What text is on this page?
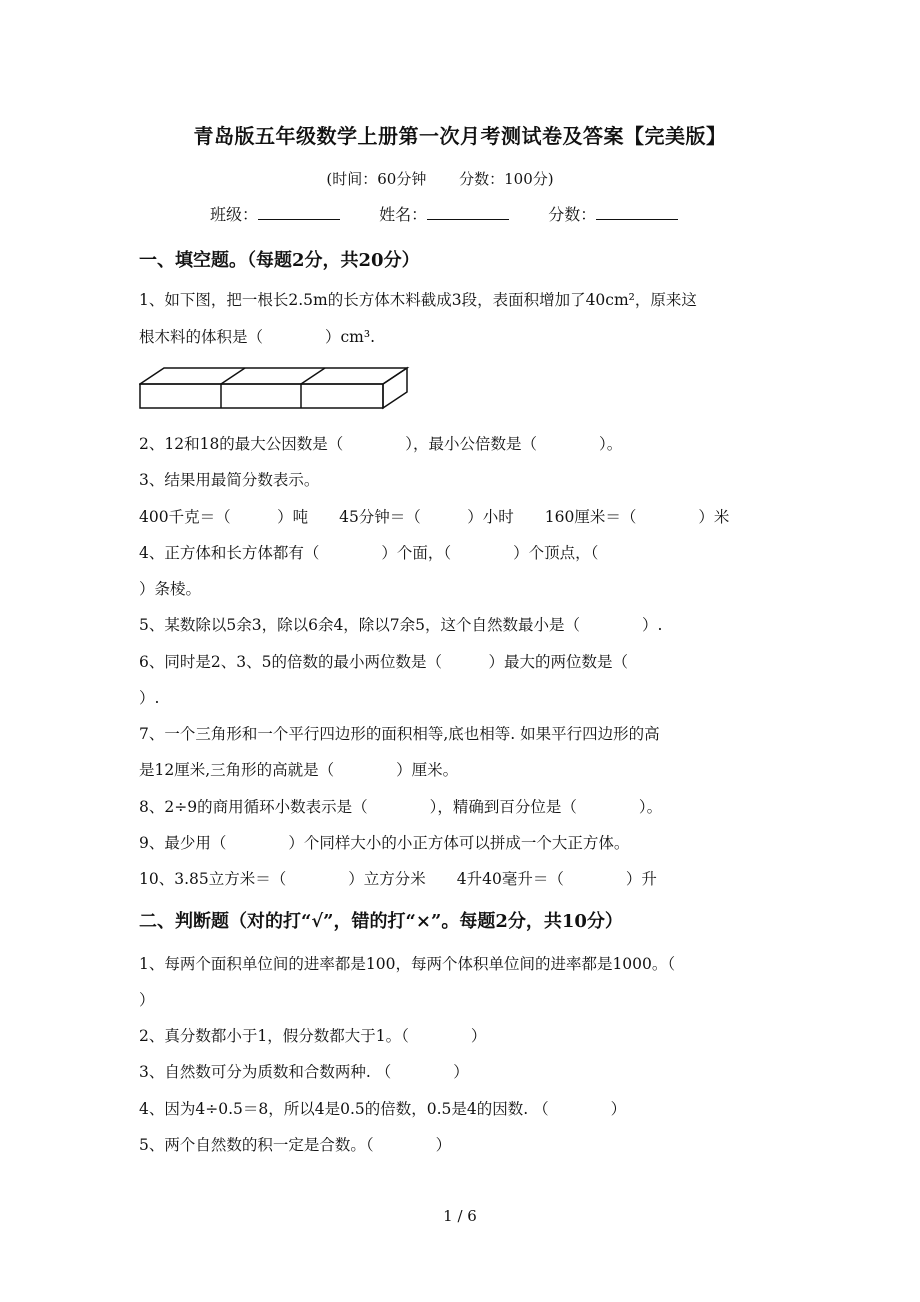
青岛版五年级数学上册第一次月考测试卷及答案【完美版】
(时间：60分钟 分数：100分)
班级：	姓名：	分数：
一、填空题。（每题2分，共20分）
1、如下图，把一根长2.5m的长方体木料截成3段，表面积增加了40cm²，原来这
根木料的体积是（　　　　）cm³.
2、12和18的最大公因数是（　　　　），最小公倍数是（　　　　）。
3、结果用最简分数表示。
400千克＝（　　　）吨　　45分钟＝（　　　）小时　　160厘米＝（　　　　）米
4、正方体和长方体都有（　　　　）个面，（　　　　）个顶点，（
）条棱。
5、某数除以5余3，除以6余4，除以7余5，这个自然数最小是（　　　　）.
6、同时是2、3、5的倍数的最小两位数是（　　　）最大的两位数是（
）.
7、一个三角形和一个平行四边形的面积相等,底也相等. 如果平行四边形的高
是12厘米,三角形的高就是（　　　　）厘米。
8、2÷9的商用循环小数表示是（　　　　），精确到百分位是（　　　　）。
9、最少用（　　　　）个同样大小的小正方体可以拼成一个大正方体。
10、3.85立方米＝（　　　　）立方分米　　4升40毫升＝（　　　　）升
二、判断题（对的打“√”，错的打“×”。每题2分，共10分）
1、每两个面积单位间的进率都是100，每两个体积单位间的进率都是1000。（
）
2、真分数都小于1，假分数都大于1。（　　　　）
3、自然数可分为质数和合数两种. （　　　　）
4、因为4÷0.5＝8，所以4是0.5的倍数，0.5是4的因数. （　　　　）
5、两个自然数的积一定是合数。（　　　　）
1 / 6
